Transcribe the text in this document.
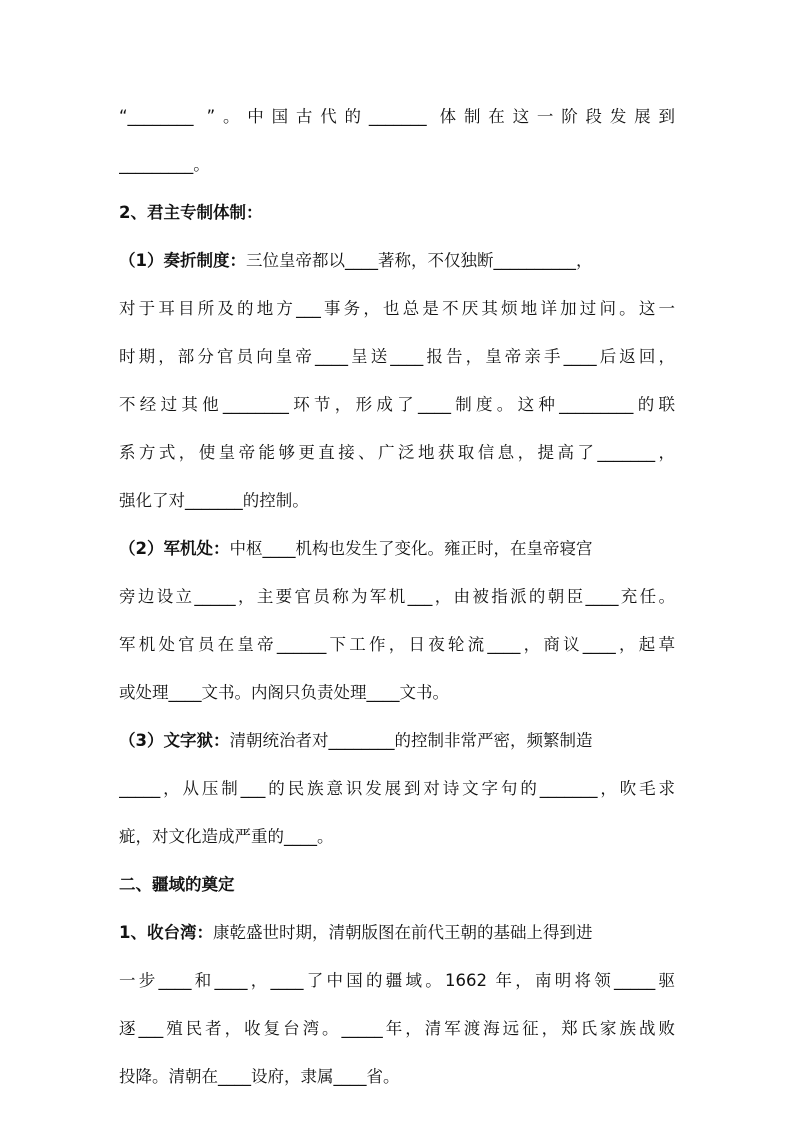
“________ ”。中国古代的_______ 体制在这一阶段发展到
_________。
2、君主专制体制：
（1）奏折制度：三位皇帝都以____著称，不仅独断__________，
对于耳目所及的地方___事务，也总是不厌其烦地详加过问。这一
时期，部分官员向皇帝____呈送____报告，皇帝亲手____后返回，
不经过其他________环节，形成了____制度。这种_________的联
系方式，使皇帝能够更直接、广泛地获取信息，提高了_______，
强化了对_______的控制。
（2）军机处：中枢____机构也发生了变化。雍正时，在皇帝寝宫
旁边设立_____，主要官员称为军机___，由被指派的朝臣____充任。
军机处官员在皇帝______下工作，日夜轮流____，商议____，起草
或处理____文书。内阁只负责处理____文书。
（3）文字狱：清朝统治者对________的控制非常严密，频繁制造
_____，从压制___的民族意识发展到对诗文字句的_______，吹毛求
疵，对文化造成严重的____。
二、疆域的奠定
1、收台湾：康乾盛世时期，清朝版图在前代王朝的基础上得到进
一步____和____，____了中国的疆域。1662 年，南明将领_____驱
逐___殖民者，收复台湾。_____年，清军渡海远征，郑氏家族战败
投降。清朝在____设府，隶属____省。
